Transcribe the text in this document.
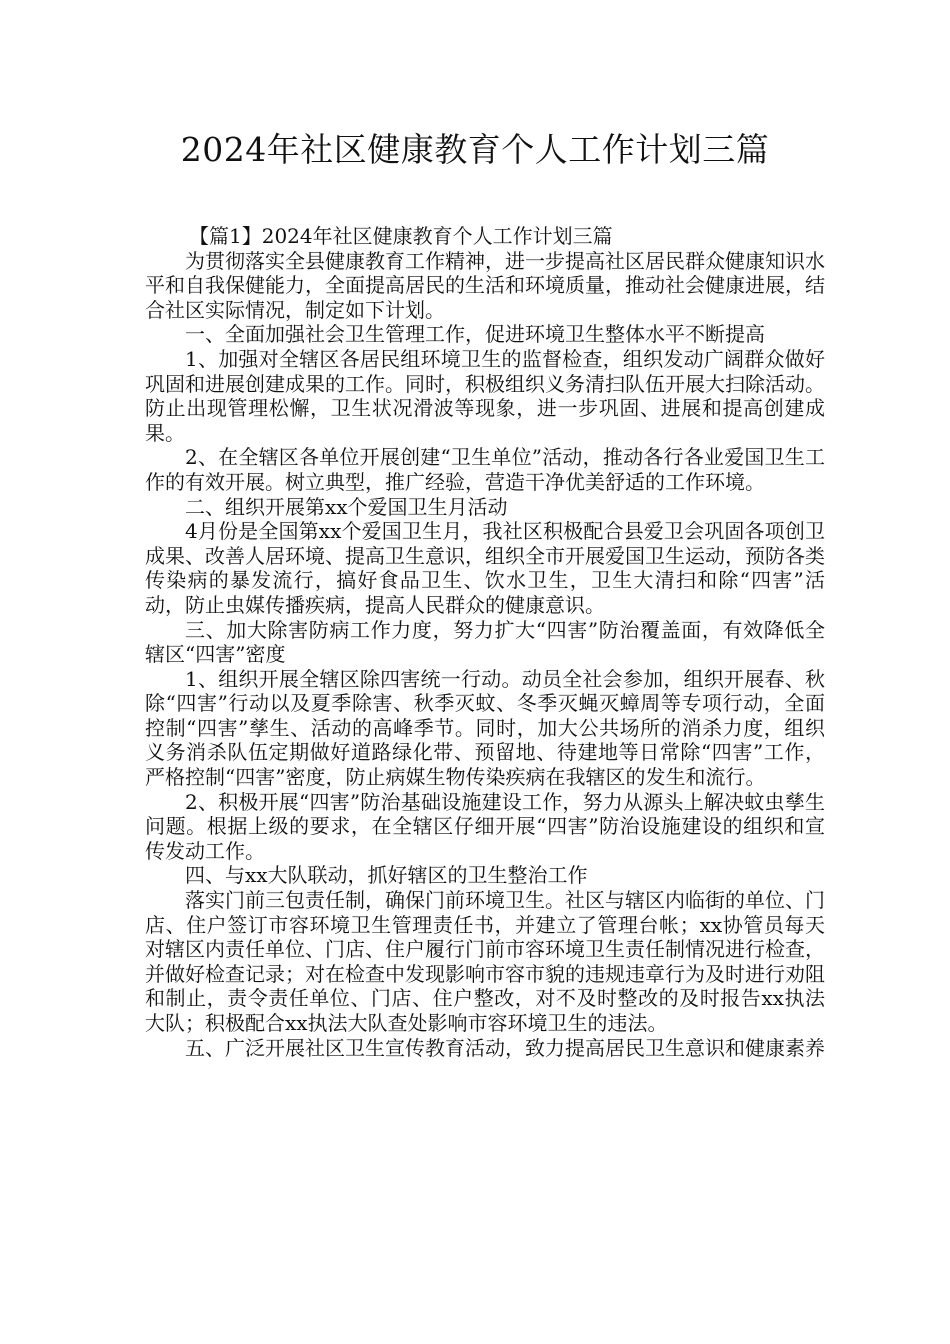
2024年社区健康教育个人工作计划三篇

【篇1】2024年社区健康教育个人工作计划三篇

为贯彻落实全县健康教育工作精神，进一步提高社区居民群众健康知识水平和自我保健能力，全面提高居民的生活和环境质量，推动社会健康进展，结合社区实际情况，制定如下计划。

一、全面加强社会卫生管理工作，促进环境卫生整体水平不断提高

1、加强对全辖区各居民组环境卫生的监督检查，组织发动广阔群众做好巩固和进展创建成果的工作。同时，积极组织义务清扫队伍开展大扫除活动。防止出现管理松懈，卫生状况滑波等现象，进一步巩固、进展和提高创建成果。

2、在全辖区各单位开展创建“卫生单位”活动，推动各行各业爱国卫生工作的有效开展。树立典型，推广经验，营造干净优美舒适的工作环境。

二、组织开展第xx个爱国卫生月活动

4月份是全国第xx个爱国卫生月，我社区积极配合县爱卫会巩固各项创卫成果、改善人居环境、提高卫生意识，组织全市开展爱国卫生运动，预防各类传染病的暴发流行，搞好食品卫生、饮水卫生，卫生大清扫和除“四害”活动，防止虫媒传播疾病，提高人民群众的健康意识。

三、加大除害防病工作力度，努力扩大“四害”防治覆盖面，有效降低全辖区“四害”密度

1、组织开展全辖区除四害统一行动。动员全社会参加，组织开展春、秋除“四害”行动以及夏季除害、秋季灭蚊、冬季灭蝇灭蟑周等专项行动，全面控制“四害”孳生、活动的高峰季节。同时，加大公共场所的消杀力度，组织义务消杀队伍定期做好道路绿化带、预留地、待建地等日常除“四害”工作，严格控制“四害”密度，防止病媒生物传染疾病在我辖区的发生和流行。

2、积极开展“四害”防治基础设施建设工作，努力从源头上解决蚊虫孳生问题。根据上级的要求，在全辖区仔细开展“四害”防治设施建设的组织和宣传发动工作。

四、与xx大队联动，抓好辖区的卫生整治工作

落实门前三包责任制，确保门前环境卫生。社区与辖区内临街的单位、门店、住户签订市容环境卫生管理责任书，并建立了管理台帐；xx协管员每天对辖区内责任单位、门店、住户履行门前市容环境卫生责任制情况进行检查，并做好检查记录；对在检查中发现影响市容市貌的违规违章行为及时进行劝阻和制止，责令责任单位、门店、住户整改，对不及时整改的及时报告xx执法大队；积极配合xx执法大队查处影响市容环境卫生的违法。

五、广泛开展社区卫生宣传教育活动，致力提高居民卫生意识和健康素养
